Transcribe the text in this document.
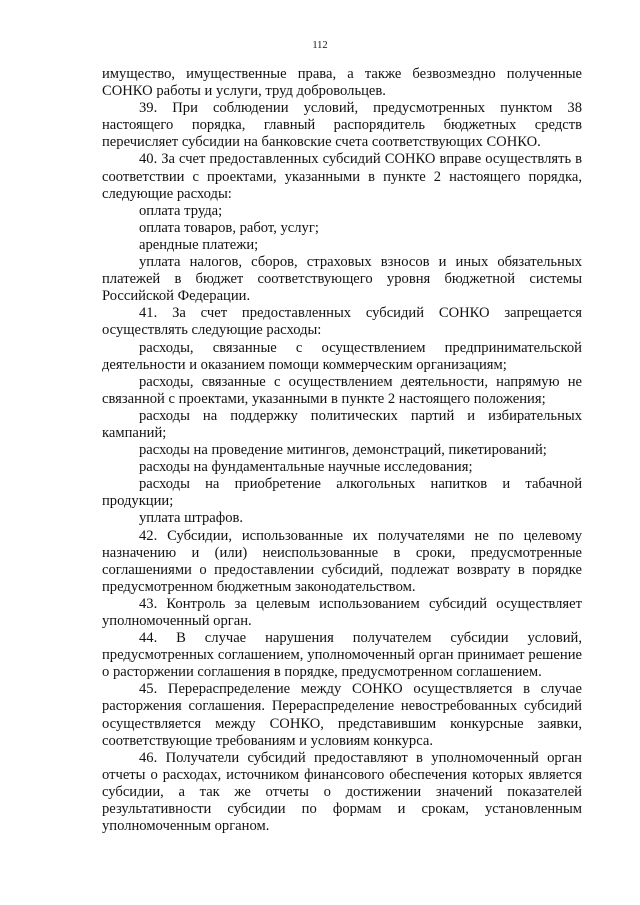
112

имущество, имущественные права, а также безвозмездно полученные СОНКО работы и услуги, труд добровольцев.

39. При соблюдении условий, предусмотренных пунктом 38 настоящего порядка, главный распорядитель бюджетных средств перечисляет субсидии на банковские счета соответствующих СОНКО.

40. За счет предоставленных субсидий СОНКО вправе осуществлять в соответствии с проектами, указанными в пункте 2 настоящего порядка, следующие расходы:

оплата труда;

оплата товаров, работ, услуг;

арендные платежи;

уплата налогов, сборов, страховых взносов и иных обязательных платежей в бюджет соответствующего уровня бюджетной системы Российской Федерации.

41. За счет предоставленных субсидий СОНКО запрещается осуществлять следующие расходы:

расходы, связанные с осуществлением предпринимательской деятельности и оказанием помощи коммерческим организациям;

расходы, связанные с осуществлением деятельности, напрямую не связанной с проектами, указанными в пункте 2 настоящего положения;

расходы на поддержку политических партий и избирательных кампаний;

расходы на проведение митингов, демонстраций, пикетирований;

расходы на фундаментальные научные исследования;

расходы на приобретение алкогольных напитков и табачной продукции;

уплата штрафов.

42. Субсидии, использованные их получателями не по целевому назначению и (или) неиспользованные в сроки, предусмотренные соглашениями о предоставлении субсидий, подлежат возврату в порядке предусмотренном бюджетным законодательством.

43. Контроль за целевым использованием субсидий осуществляет уполномоченный орган.

44. В случае нарушения получателем субсидии условий, предусмотренных соглашением, уполномоченный орган принимает решение о расторжении соглашения в порядке, предусмотренном соглашением.

45. Перераспределение между СОНКО осуществляется в случае расторжения соглашения. Перераспределение невостребованных субсидий осуществляется между СОНКО, представившим конкурсные заявки, соответствующие требованиям и условиям конкурса.

46. Получатели субсидий предоставляют в уполномоченный орган отчеты о расходах, источником финансового обеспечения которых является субсидии, а так же отчеты о достижении значений показателей результативности субсидии по формам и срокам, установленным уполномоченным органом.
